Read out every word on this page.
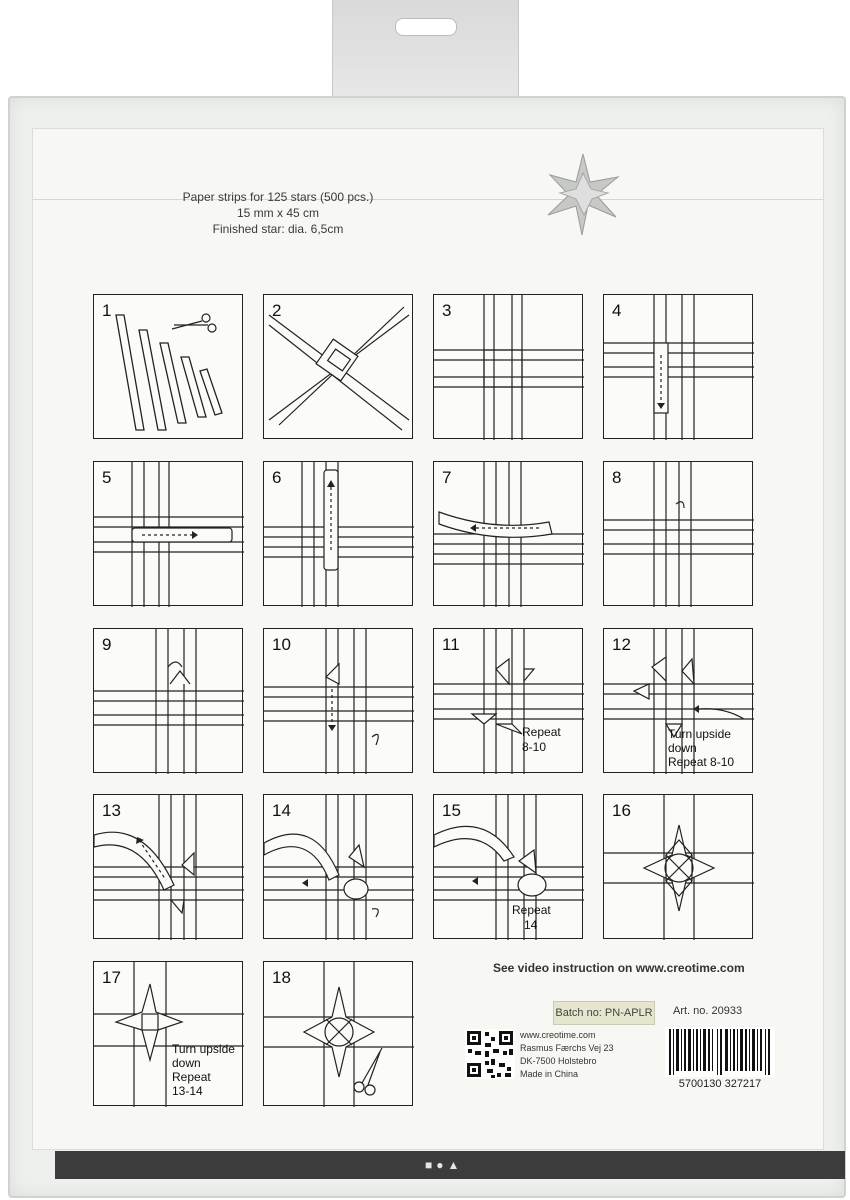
Paper strips for 125 stars (500 pcs.)
15 mm x 45 cm
Finished star: dia. 6,5cm
1	2	3	4
5	6	7	8
9	10	11
Repeat
8-10
12
Turn upside
down
Repeat 8-10
13	14	15
Repeat
14
16
17
Turn upside
down
Repeat
13-14
18	See video instruction on www.creotime.com
Batch no: PN-APLR Art. no. 20933
www.creotime.com
Rasmus Færchs Vej 23
DK-7500 Holstebro
Made in China
5700130 327217
■●▲
